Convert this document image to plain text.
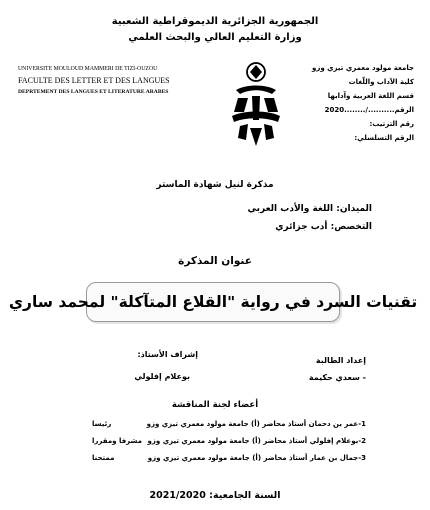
الجمهورية الجزائرية الديموقراطية الشعبية
وزارة التعليم العالي والبحث العلمي
UNIVERSITE MOULOUD MAMMERI DE TIZI-OUZOU
FACULTE DES LETTER ET DES LANGUES
DEPRTEMENT DES LANGUES ET LITERATURE ARABES
جامعة مولود معمري تيزي وزو
كلية الآداب واللّغات
قسم اللغة العربية وآدابها
الرقم........../........2020
رقم الترتيب:
الرقم التسلسلي:
مذكرة لنيل شهادة الماستر
الميدان: اللغة والأدب العربي
التخصص: أدب جزائري
عنوان المذكرة
تقنيات السرد في رواية "القلاع المتآكلة" لمحمد ساري
إعداد الطالبة
- سعدي حكيمة
إشراف الأستاذ:
بوعلام إفلولي
أعضاء لجنة المناقشة
1-عمر بن دحمان أستاذ محاضر (أ) جامعة مولود معمري تيزي وزو
رئيسا
2-بوعلام إفلولي أستاذ محاضر (أ) جامعة مولود معمري تيزي وزو
مشرفا ومقررا
3-جمال بن عمار أستاذ محاضر (أ) جامعة مولود معمري تيزي وزو
ممتحنا
السنة الجامعية: 2021/2020
